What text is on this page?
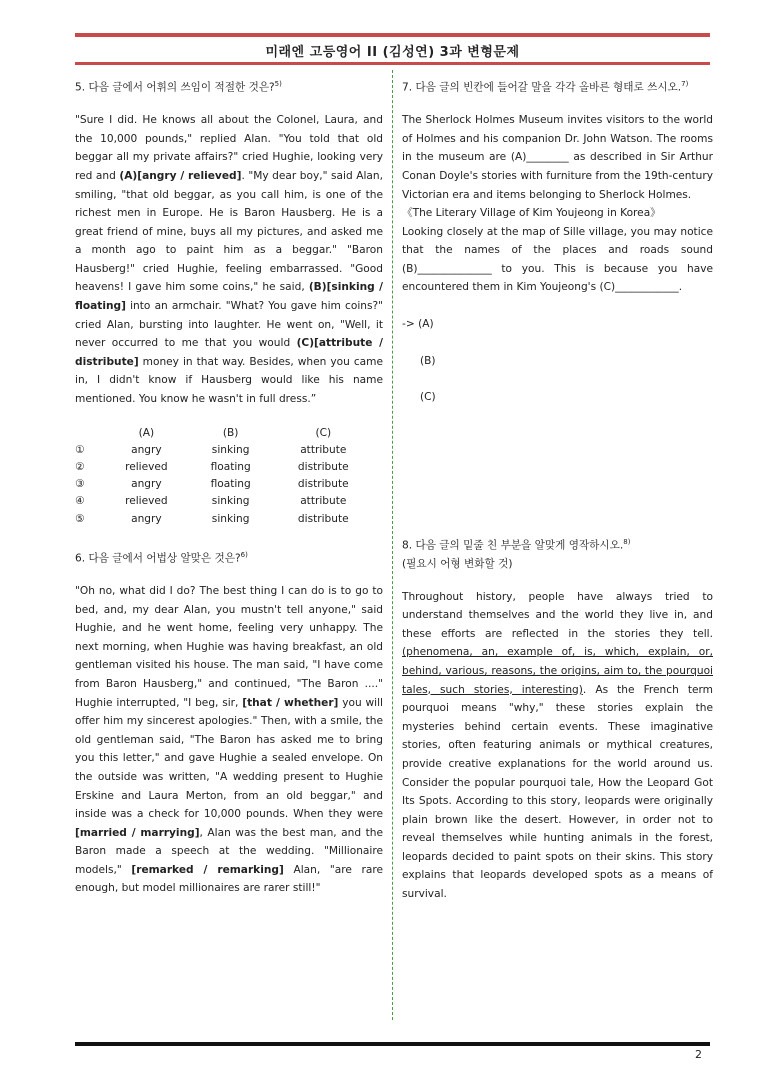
미래엔 고등영어 II (김성연) 3과 변형문제

5. 다음 글에서 어휘의 쓰임이 적절한 것은?$^{5)}$

"Sure I did. He knows all about the Colonel, Laura, and the 10,000 pounds," replied Alan. "You told that old beggar all my private affairs?" cried Hughie, looking very red and (A)[angry / relieved]. "My dear boy," said Alan, smiling, "that old beggar, as you call him, is one of the richest men in Europe. He is Baron Hausberg. He is a great friend of mine, buys all my pictures, and asked me a month ago to paint him as a beggar." "Baron Hausberg!" cried Hughie, feeling embarrassed. "Good heavens! I gave him some coins," he said, (B)[sinking / floating] into an armchair. "What? You gave him coins?" cried Alan, bursting into laughter. He went on, "Well, it never occurred to me that you would (C)[attribute / distribute] money in that way. Besides, when you came in, I didn't know if Hausberg would like his name mentioned. You know he wasn't in full dress.”

	(A)	(B)	(C)
①	angry	sinking	attribute
②	relieved	floating	distribute
③	angry	floating	distribute
④	relieved	sinking	attribute
⑤	angry	sinking	distribute

6. 다음 글에서 어법상 알맞은 것은?$^{6)}$

"Oh no, what did I do? The best thing I can do is to go to bed, and, my dear Alan, you mustn't tell anyone," said Hughie, and he went home, feeling very unhappy. The next morning, when Hughie was having breakfast, an old gentleman visited his house. The man said, "I have come from Baron Hausberg," and continued, "The Baron ...." Hughie interrupted, "I beg, sir, [that / whether] you will offer him my sincerest apologies." Then, with a smile, the old gentleman said, "The Baron has asked me to bring you this letter," and gave Hughie a sealed envelope. On the outside was written, "A wedding present to Hughie Erskine and Laura Merton, from an old beggar," and inside was a check for 10,000 pounds. When they were [married / marrying], Alan was the best man, and the Baron made a speech at the wedding. "Millionaire models," [remarked / remarking] Alan, "are rare enough, but model millionaires are rarer still!"

7. 다음 글의 빈칸에 들어갈 말을 각각 올바른 형태로 쓰시오.$^{7)}$

The Sherlock Holmes Museum invites visitors to the world of Holmes and his companion Dr. John Watson. The rooms in the museum are (A)________ as described in Sir Arthur Conan Doyle's stories with furniture from the 19th-century Victorian era and items belonging to Sherlock Holmes.

《The Literary Village of Kim Youjeong in Korea》

Looking closely at the map of Sille village, you may notice that the names of the places and roads sound (B)______________ to you. This is because you have encountered them in Kim Youjeong's (C)____________.

-> (A)

(B)

(C)

8. 다음 글의 밑줄 친 부분을 알맞게 영작하시오.$^{8)}$

(필요시 어형 변화할 것)

Throughout history, people have always tried to understand themselves and the world they live in, and these efforts are reflected in the stories they tell. (phenomena, an, example of, is, which, explain, or, behind, various, reasons, the origins, aim to, the pourquoi tales, such stories, interesting). As the French term pourquoi means "why," these stories explain the mysteries behind certain events. These imaginative stories, often featuring animals or mythical creatures, provide creative explanations for the world around us. Consider the popular pourquoi tale, How the Leopard Got Its Spots. According to this story, leopards were originally plain brown like the desert. However, in order not to reveal themselves while hunting animals in the forest, leopards decided to paint spots on their skins. This story explains that leopards developed spots as a means of survival.

2
